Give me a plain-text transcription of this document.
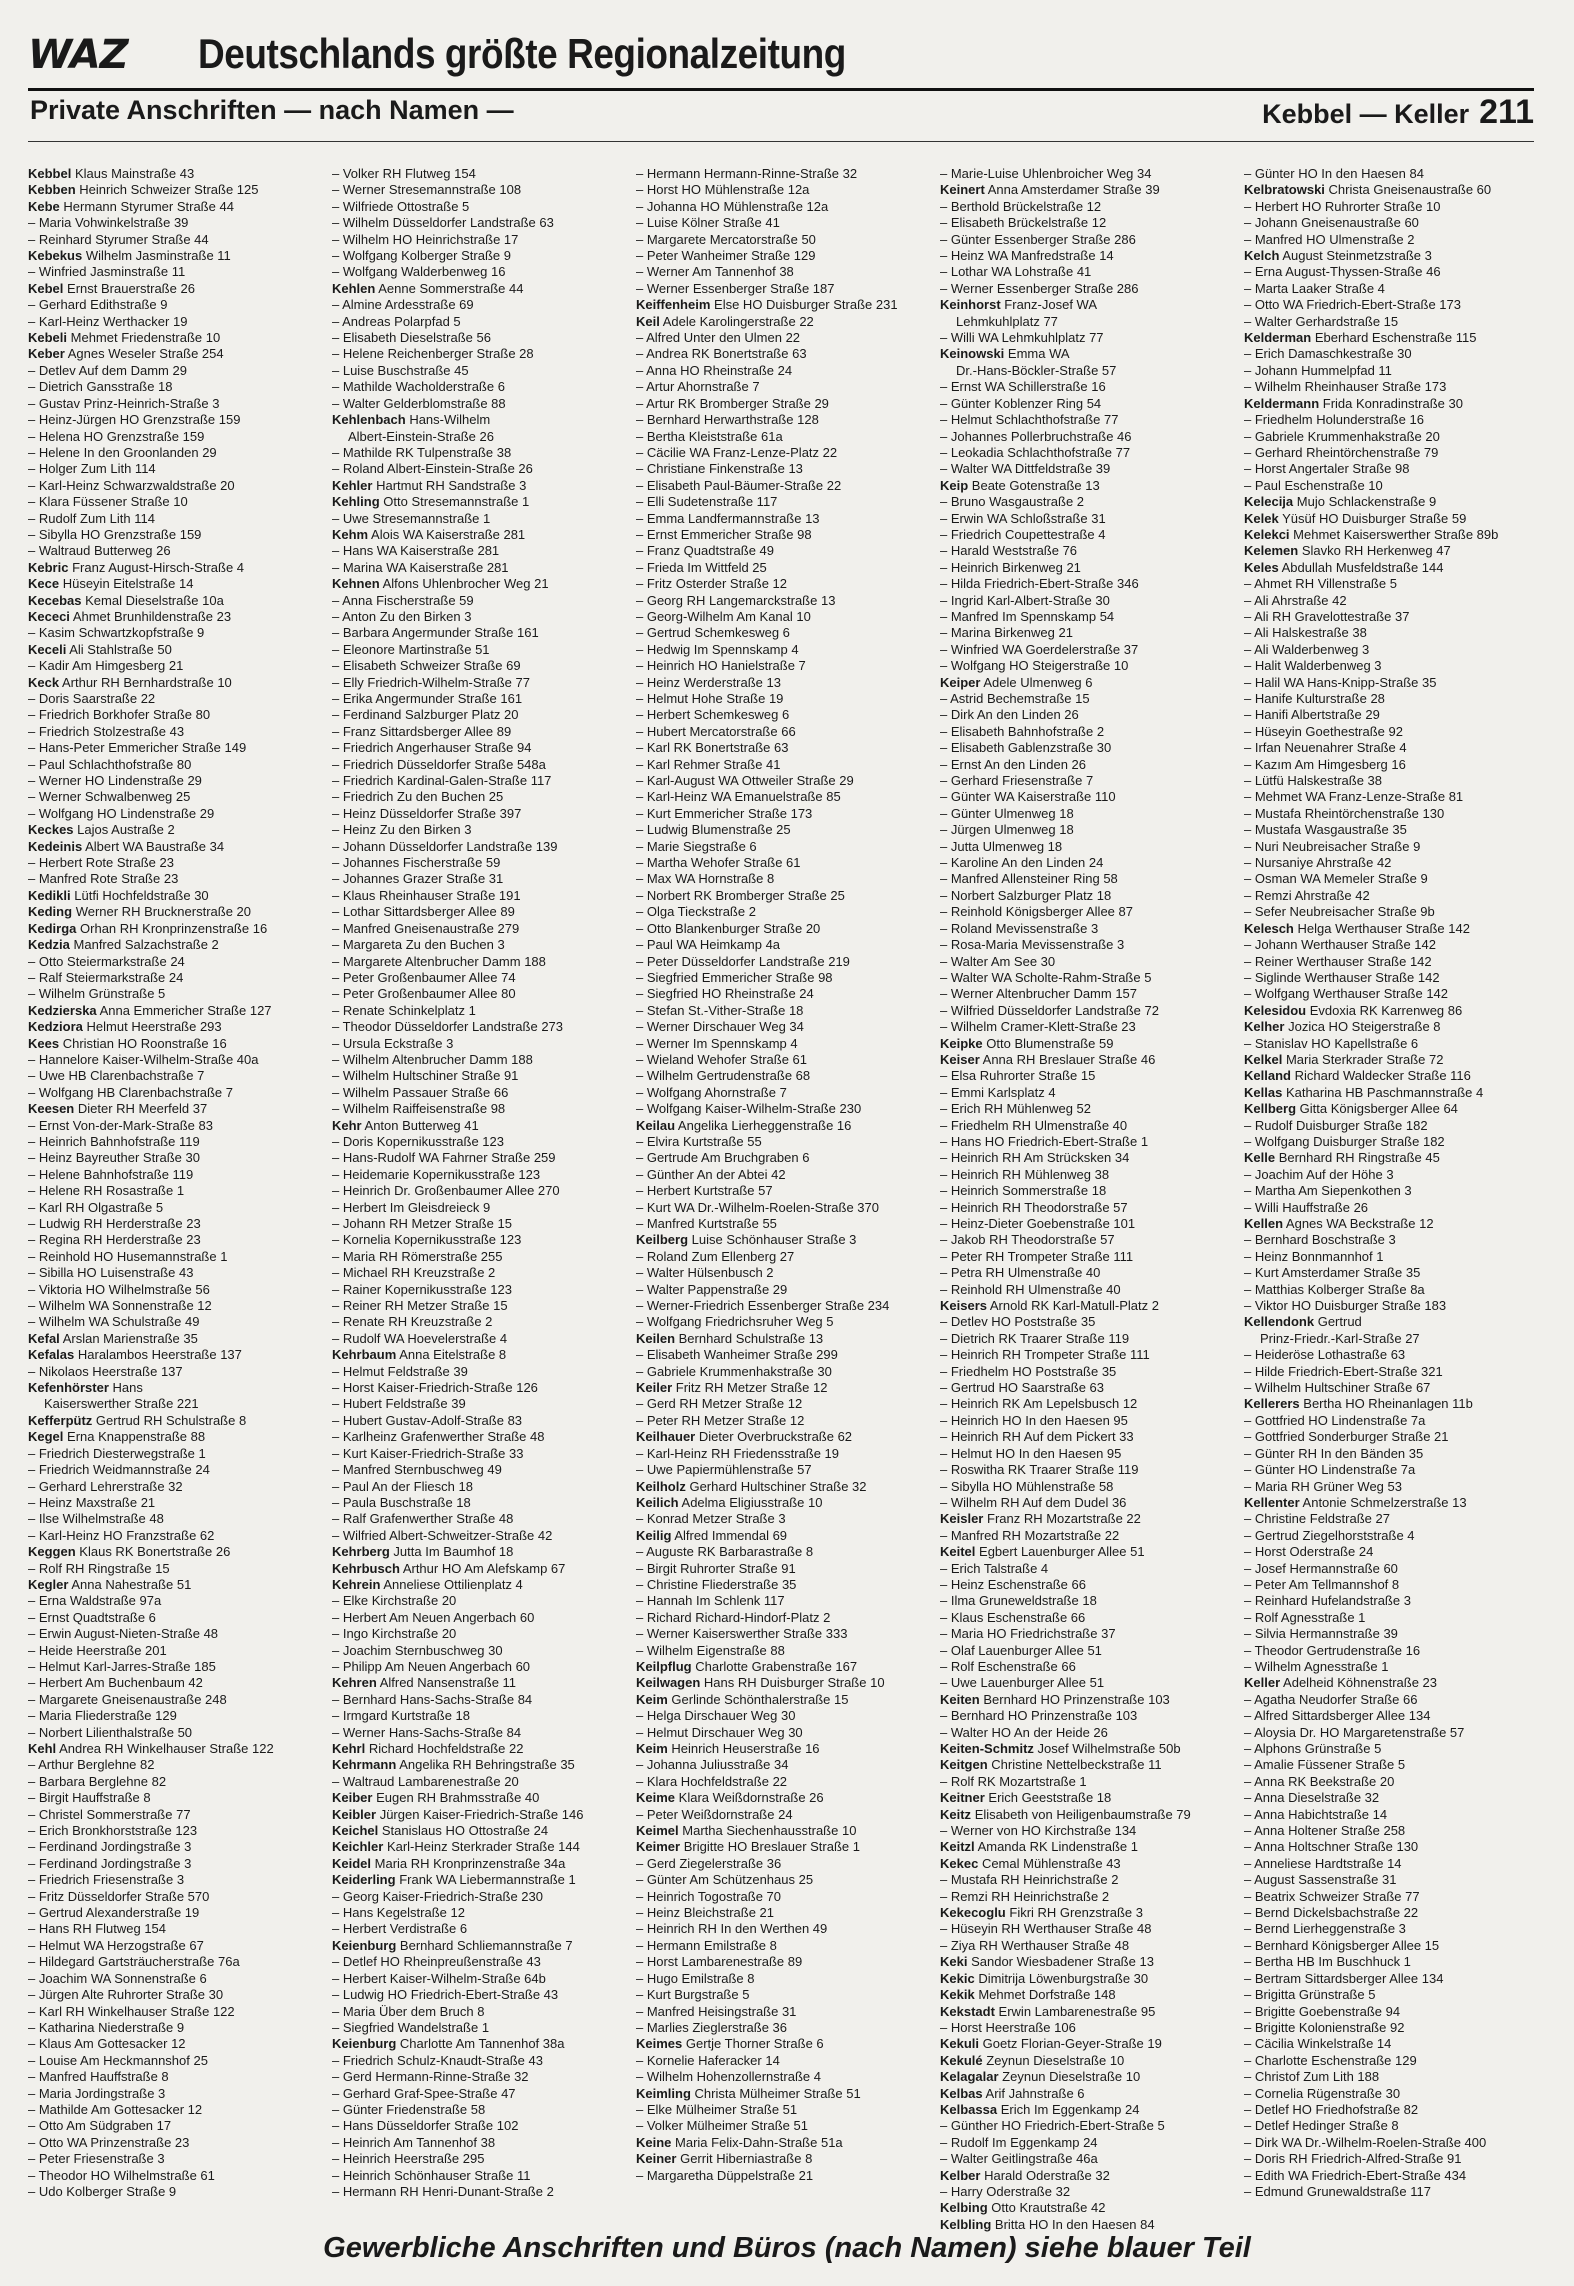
WAZ Deutschlands größte Regionalzeitung
Private Anschriften — nach Namen —	Kebbel — Keller 211
Kebbel Klaus Mainstraße 43
Kebben Heinrich Schweizer Straße 125
Kebe Hermann Styrumer Straße 44
– Maria Vohwinkelstraße 39
– Reinhard Styrumer Straße 44
Kebekus Wilhelm Jasminstraße 11
– Winfried Jasminstraße 11
Kebel Ernst Brauerstraße 26
– Gerhard Edithstraße 9
– Karl-Heinz Werthacker 19
Kebeli Mehmet Friedenstraße 10
Keber Agnes Weseler Straße 254
– Detlev Auf dem Damm 29
– Dietrich Gansstraße 18
– Gustav Prinz-Heinrich-Straße 3
– Heinz-Jürgen HO Grenzstraße 159
– Helena HO Grenzstraße 159
– Helene In den Groonlanden 29
– Holger Zum Lith 114
– Karl-Heinz Schwarzwaldstraße 20
– Klara Füssener Straße 10
– Rudolf Zum Lith 114
– Sibylla HO Grenzstraße 159
– Waltraud Butterweg 26
Kebric Franz August-Hirsch-Straße 4
Kece Hüseyin Eitelstraße 14
Kecebas Kemal Dieselstraße 10a
Kececi Ahmet Brunhildenstraße 23
– Kasim Schwartzkopfstraße 9
Keceli Ali Stahlstraße 50
– Kadir Am Himgesberg 21
Keck Arthur RH Bernhardstraße 10
– Doris Saarstraße 22
– Friedrich Borkhofer Straße 80
– Friedrich Stolzestraße 43
– Hans-Peter Emmericher Straße 149
– Paul Schlachthofstraße 80
– Werner HO Lindenstraße 29
– Werner Schwalbenweg 25
– Wolfgang HO Lindenstraße 29
Keckes Lajos Austraße 2
Kedeinis Albert WA Baustraße 34
– Herbert Rote Straße 23
– Manfred Rote Straße 23
Kedikli Lütfi Hochfeldstraße 30
Keding Werner RH Brucknerstraße 20
Kedirga Orhan RH Kronprinzenstraße 16
Kedzia Manfred Salzachstraße 2
– Otto Steiermarkstraße 24
– Ralf Steiermarkstraße 24
– Wilhelm Grünstraße 5
Kedzierska Anna Emmericher Straße 127
Kedziora Helmut Heerstraße 293
Kees Christian HO Roonstraße 16
– Hannelore Kaiser-Wilhelm-Straße 40a
– Uwe HB Clarenbachstraße 7
– Wolfgang HB Clarenbachstraße 7
Keesen Dieter RH Meerfeld 37
– Ernst Von-der-Mark-Straße 83
– Heinrich Bahnhofstraße 119
– Heinz Bayreuther Straße 30
– Helene Bahnhofstraße 119
– Helene RH Rosastraße 1
– Karl RH Olgastraße 5
– Ludwig RH Herderstraße 23
– Regina RH Herderstraße 23
– Reinhold HO Husemannstraße 1
– Sibilla HO Luisenstraße 43
– Viktoria HO Wilhelmstraße 56
– Wilhelm WA Sonnenstraße 12
– Wilhelm WA Schulstraße 49
Kefal Arslan Marienstraße 35
Kefalas Haralambos Heerstraße 137
– Nikolaos Heerstraße 137
Kefenhörster Hans
Kaiserswerther Straße 221
Kefferpütz Gertrud RH Schulstraße 8
Kegel Erna Knappenstraße 88
– Friedrich Diesterwegstraße 1
– Friedrich Weidmannstraße 24
– Gerhard Lehrerstraße 32
– Heinz Maxstraße 21
– Ilse Wilhelmstraße 48
– Karl-Heinz HO Franzstraße 62
Keggen Klaus RK Bonertstraße 26
– Rolf RH Ringstraße 15
Kegler Anna Nahestraße 51
– Erna Waldstraße 97a
– Ernst Quadtstraße 6
– Erwin August-Nieten-Straße 48
– Heide Heerstraße 201
– Helmut Karl-Jarres-Straße 185
– Herbert Am Buchenbaum 42
– Margarete Gneisenaustraße 248
– Maria Fliederstraße 129
– Norbert Lilienthalstraße 50
Kehl Andrea RH Winkelhauser Straße 122
– Arthur Berglehne 82
– Barbara Berglehne 82
– Birgit Hauffstraße 8
– Christel Sommerstraße 77
– Erich Bronkhorststraße 123
– Ferdinand Jordingstraße 3
– Ferdinand Jordingstraße 3
– Friedrich Friesenstraße 3
– Fritz Düsseldorfer Straße 570
– Gertrud Alexanderstraße 19
– Hans RH Flutweg 154
– Helmut WA Herzogstraße 67
– Hildegard Gartsträucherstraße 76a
– Joachim WA Sonnenstraße 6
– Jürgen Alte Ruhrorter Straße 30
– Karl RH Winkelhauser Straße 122
– Katharina Niederstraße 9
– Klaus Am Gottesacker 12
– Louise Am Heckmannshof 25
– Manfred Hauffstraße 8
– Maria Jordingstraße 3
– Mathilde Am Gottesacker 12
– Otto Am Südgraben 17
– Otto WA Prinzenstraße 23
– Peter Friesenstraße 3
– Theodor HO Wilhelmstraße 61
– Udo Kolberger Straße 9
– Volker RH Flutweg 154
– Werner Stresemannstraße 108
– Wilfriede Ottostraße 5
– Wilhelm Düsseldorfer Landstraße 63
– Wilhelm HO Heinrichstraße 17
– Wolfgang Kolberger Straße 9
– Wolfgang Walderbenweg 16
Kehlen Aenne Sommerstraße 44
– Almine Ardesstraße 69
– Andreas Polarpfad 5
– Elisabeth Dieselstraße 56
– Helene Reichenberger Straße 28
– Luise Buschstraße 45
– Mathilde Wacholderstraße 6
– Walter Gelderblomstraße 88
Kehlenbach Hans-Wilhelm
Albert-Einstein-Straße 26
– Mathilde RK Tulpenstraße 38
– Roland Albert-Einstein-Straße 26
Kehler Hartmut RH Sandstraße 3
Kehling Otto Stresemannstraße 1
– Uwe Stresemannstraße 1
Kehm Alois WA Kaiserstraße 281
– Hans WA Kaiserstraße 281
– Marina WA Kaiserstraße 281
Kehnen Alfons Uhlenbrocher Weg 21
– Anna Fischerstraße 59
– Anton Zu den Birken 3
– Barbara Angermunder Straße 161
– Eleonore Martinstraße 51
– Elisabeth Schweizer Straße 69
– Elly Friedrich-Wilhelm-Straße 77
– Erika Angermunder Straße 161
– Ferdinand Salzburger Platz 20
– Franz Sittardsberger Allee 89
– Friedrich Angerhauser Straße 94
– Friedrich Düsseldorfer Straße 548a
– Friedrich Kardinal-Galen-Straße 117
– Friedrich Zu den Buchen 25
– Heinz Düsseldorfer Straße 397
– Heinz Zu den Birken 3
– Johann Düsseldorfer Landstraße 139
– Johannes Fischerstraße 59
– Johannes Grazer Straße 31
– Klaus Rheinhauser Straße 191
– Lothar Sittardsberger Allee 89
– Manfred Gneisenaustraße 279
– Margareta Zu den Buchen 3
– Margarete Altenbrucher Damm 188
– Peter Großenbaumer Allee 74
– Peter Großenbaumer Allee 80
– Renate Schinkelplatz 1
– Theodor Düsseldorfer Landstraße 273
– Ursula Eckstraße 3
– Wilhelm Altenbrucher Damm 188
– Wilhelm Hultschiner Straße 91
– Wilhelm Passauer Straße 66
– Wilhelm Raiffeisenstraße 98
Kehr Anton Butterweg 41
– Doris Kopernikusstraße 123
– Hans-Rudolf WA Fahrner Straße 259
– Heidemarie Kopernikusstraße 123
– Heinrich Dr. Großenbaumer Allee 270
– Herbert Im Gleisdreieck 9
– Johann RH Metzer Straße 15
– Kornelia Kopernikusstraße 123
– Maria RH Römerstraße 255
– Michael RH Kreuzstraße 2
– Rainer Kopernikusstraße 123
– Reiner RH Metzer Straße 15
– Renate RH Kreuzstraße 2
– Rudolf WA Hoevelerstraße 4
Kehrbaum Anna Eitelstraße 8
– Helmut Feldstraße 39
– Horst Kaiser-Friedrich-Straße 126
– Hubert Feldstraße 39
– Hubert Gustav-Adolf-Straße 83
– Karlheinz Grafenwerther Straße 48
– Kurt Kaiser-Friedrich-Straße 33
– Manfred Sternbuschweg 49
– Paul An der Fliesch 18
– Paula Buschstraße 18
– Ralf Grafenwerther Straße 48
– Wilfried Albert-Schweitzer-Straße 42
Kehrberg Jutta Im Baumhof 18
Kehrbusch Arthur HO Am Alefskamp 67
Kehrein Anneliese Ottilienplatz 4
– Elke Kirchstraße 20
– Herbert Am Neuen Angerbach 60
– Ingo Kirchstraße 20
– Joachim Sternbuschweg 30
– Philipp Am Neuen Angerbach 60
Kehren Alfred Nansenstraße 11
– Bernhard Hans-Sachs-Straße 84
– Irmgard Kurtstraße 18
– Werner Hans-Sachs-Straße 84
Kehrl Richard Hochfeldstraße 22
Kehrmann Angelika RH Behringstraße 35
– Waltraud Lambarenestraße 20
Keiber Eugen RH Brahmsstraße 40
Keibler Jürgen Kaiser-Friedrich-Straße 146
Keichel Stanislaus HO Ottostraße 24
Keichler Karl-Heinz Sterkrader Straße 144
Keidel Maria RH Kronprinzenstraße 34a
Keiderling Frank WA Liebermannstraße 1
– Georg Kaiser-Friedrich-Straße 230
– Hans Kegelstraße 12
– Herbert Verdistraße 6
Keienburg Bernhard Schliemannstraße 7
– Detlef HO Rheinpreußenstraße 43
– Herbert Kaiser-Wilhelm-Straße 64b
– Ludwig HO Friedrich-Ebert-Straße 43
– Maria Über dem Bruch 8
– Siegfried Wandelstraße 1
Keienburg Charlotte Am Tannenhof 38a
– Friedrich Schulz-Knaudt-Straße 43
– Gerd Hermann-Rinne-Straße 32
– Gerhard Graf-Spee-Straße 47
– Günter Friedenstraße 58
– Hans Düsseldorfer Straße 102
– Heinrich Am Tannenhof 38
– Heinrich Heerstraße 295
– Heinrich Schönhauser Straße 11
– Hermann RH Henri-Dunant-Straße 2
– Hermann Hermann-Rinne-Straße 32
– Horst HO Mühlenstraße 12a
– Johanna HO Mühlenstraße 12a
– Luise Kölner Straße 41
– Margarete Mercatorstraße 50
– Peter Wanheimer Straße 129
– Werner Am Tannenhof 38
– Werner Essenberger Straße 187
Keiffenheim Else HO Duisburger Straße 231
Keil Adele Karolingerstraße 22
– Alfred Unter den Ulmen 22
– Andrea RK Bonertstraße 63
– Anna HO Rheinstraße 24
– Artur Ahornstraße 7
– Artur RK Bromberger Straße 29
– Bernhard Herwarthstraße 128
– Bertha Kleiststraße 61a
– Cäcilie WA Franz-Lenze-Platz 22
– Christiane Finkenstraße 13
– Elisabeth Paul-Bäumer-Straße 22
– Elli Sudetenstraße 117
– Emma Landfermannstraße 13
– Ernst Emmericher Straße 98
– Franz Quadtstraße 49
– Frieda Im Wittfeld 25
– Fritz Osterder Straße 12
– Georg RH Langemarckstraße 13
– Georg-Wilhelm Am Kanal 10
– Gertrud Schemkesweg 6
– Hedwig Im Spennskamp 4
– Heinrich HO Hanielstraße 7
– Heinz Werderstraße 13
– Helmut Hohe Straße 19
– Herbert Schemkesweg 6
– Hubert Mercatorstraße 66
– Karl RK Bonertstraße 63
– Karl Rehmer Straße 41
– Karl-August WA Ottweiler Straße 29
– Karl-Heinz WA Emanuelstraße 85
– Kurt Emmericher Straße 173
– Ludwig Blumenstraße 25
– Marie Siegstraße 6
– Martha Wehofer Straße 61
– Max WA Hornstraße 8
– Norbert RK Bromberger Straße 25
– Olga Tieckstraße 2
– Otto Blankenburger Straße 20
– Paul WA Heimkamp 4a
– Peter Düsseldorfer Landstraße 219
– Siegfried Emmericher Straße 98
– Siegfried HO Rheinstraße 24
– Stefan St.-Vither-Straße 18
– Werner Dirschauer Weg 34
– Werner Im Spennskamp 4
– Wieland Wehofer Straße 61
– Wilhelm Gertrudenstraße 68
– Wolfgang Ahornstraße 7
– Wolfgang Kaiser-Wilhelm-Straße 230
Keilau Angelika Lierheggenstraße 16
– Elvira Kurtstraße 55
– Gertrude Am Bruchgraben 6
– Günther An der Abtei 42
– Herbert Kurtstraße 57
– Kurt WA Dr.-Wilhelm-Roelen-Straße 370
– Manfred Kurtstraße 55
Keilberg Luise Schönhauser Straße 3
– Roland Zum Ellenberg 27
– Walter Hülsenbusch 2
– Walter Pappenstraße 29
– Werner-Friedrich Essenberger Straße 234
– Wolfgang Friedrichsruher Weg 5
Keilen Bernhard Schulstraße 13
– Elisabeth Wanheimer Straße 299
– Gabriele Krummenhakstraße 30
Keiler Fritz RH Metzer Straße 12
– Gerd RH Metzer Straße 12
– Peter RH Metzer Straße 12
Keilhauer Dieter Overbruckstraße 62
– Karl-Heinz RH Friedensstraße 19
– Uwe Papiermühlenstraße 57
Keilholz Gerhard Hultschiner Straße 32
Keilich Adelma Eligiusstraße 10
– Konrad Metzer Straße 3
Keilig Alfred Immendal 69
– Auguste RK Barbarastraße 8
– Birgit Ruhrorter Straße 91
– Christine Fliederstraße 35
– Hannah Im Schlenk 117
– Richard Richard-Hindorf-Platz 2
– Werner Kaiserswerther Straße 333
– Wilhelm Eigenstraße 88
Keilpflug Charlotte Grabenstraße 167
Keilwagen Hans RH Duisburger Straße 10
Keim Gerlinde Schönthalerstraße 15
– Helga Dirschauer Weg 30
– Helmut Dirschauer Weg 30
Keim Heinrich Heuserstraße 16
– Johanna Juliusstraße 34
– Klara Hochfeldstraße 22
Keime Klara Weißdornstraße 26
– Peter Weißdornstraße 24
Keimel Martha Siechenhausstraße 10
Keimer Brigitte HO Breslauer Straße 1
– Gerd Ziegelerstraße 36
– Günter Am Schützenhaus 25
– Heinrich Togostraße 70
– Heinz Bleichstraße 21
– Heinrich RH In den Werthen 49
– Hermann Emilstraße 8
– Horst Lambarenestraße 89
– Hugo Emilstraße 8
– Kurt Burgstraße 5
– Manfred Heisingstraße 31
– Marlies Zieglerstraße 36
Keimes Gertje Thorner Straße 6
– Kornelie Haferacker 14
– Wilhelm Hohenzollernstraße 4
Keimling Christa Mülheimer Straße 51
– Elke Mülheimer Straße 51
– Volker Mülheimer Straße 51
Keine Maria Felix-Dahn-Straße 51a
Keiner Gerrit Hiberniastraße 8
– Margaretha Düppelstraße 21
– Marie-Luise Uhlenbroicher Weg 34
Keinert Anna Amsterdamer Straße 39
– Berthold Brückelstraße 12
– Elisabeth Brückelstraße 12
– Günter Essenberger Straße 286
– Heinz WA Manfredstraße 14
– Lothar WA Lohstraße 41
– Werner Essenberger Straße 286
Keinhorst Franz-Josef WA
Lehmkuhlplatz 77
– Willi WA Lehmkuhlplatz 77
Keinowski Emma WA
Dr.-Hans-Böckler-Straße 57
– Ernst WA Schillerstraße 16
– Günter Koblenzer Ring 54
– Helmut Schlachthofstraße 77
– Johannes Pollerbruchstraße 46
– Leokadia Schlachthofstraße 77
– Walter WA Dittfeldstraße 39
Keip Beate Gotenstraße 13
– Bruno Wasgaustraße 2
– Erwin WA Schloßstraße 31
– Friedrich Coupettestraße 4
– Harald Weststraße 76
– Heinrich Birkenweg 21
– Hilda Friedrich-Ebert-Straße 346
– Ingrid Karl-Albert-Straße 30
– Manfred Im Spennskamp 54
– Marina Birkenweg 21
– Winfried WA Goerdelerstraße 37
– Wolfgang HO Steigerstraße 10
Keiper Adele Ulmenweg 6
– Astrid Bechemstraße 15
– Dirk An den Linden 26
– Elisabeth Bahnhofstraße 2
– Elisabeth Gablenzstraße 30
– Ernst An den Linden 26
– Gerhard Friesenstraße 7
– Günter WA Kaiserstraße 110
– Günter Ulmenweg 18
– Jürgen Ulmenweg 18
– Jutta Ulmenweg 18
– Karoline An den Linden 24
– Manfred Allensteiner Ring 58
– Norbert Salzburger Platz 18
– Reinhold Königsberger Allee 87
– Roland Mevissenstraße 3
– Rosa-Maria Mevissenstraße 3
– Walter Am See 30
– Walter WA Scholte-Rahm-Straße 5
– Werner Altenbrucher Damm 157
– Wilfried Düsseldorfer Landstraße 72
– Wilhelm Cramer-Klett-Straße 23
Keipke Otto Blumenstraße 59
Keiser Anna RH Breslauer Straße 46
– Elsa Ruhrorter Straße 15
– Emmi Karlsplatz 4
– Erich RH Mühlenweg 52
– Friedhelm RH Ulmenstraße 40
– Hans HO Friedrich-Ebert-Straße 1
– Heinrich RH Am Strücksken 34
– Heinrich RH Mühlenweg 38
– Heinrich Sommerstraße 18
– Heinrich RH Theodorstraße 57
– Heinz-Dieter Goebenstraße 101
– Jakob RH Theodorstraße 57
– Peter RH Trompeter Straße 111
– Petra RH Ulmenstraße 40
– Reinhold RH Ulmenstraße 40
Keisers Arnold RK Karl-Matull-Platz 2
– Detlev HO Poststraße 35
– Dietrich RK Traarer Straße 119
– Heinrich RH Trompeter Straße 111
– Friedhelm HO Poststraße 35
– Gertrud HO Saarstraße 63
– Heinrich RK Am Lepelsbusch 12
– Heinrich HO In den Haesen 95
– Heinrich RH Auf dem Pickert 33
– Helmut HO In den Haesen 95
– Roswitha RK Traarer Straße 119
– Sibylla HO Mühlenstraße 58
– Wilhelm RH Auf dem Dudel 36
Keisler Franz RH Mozartstraße 22
– Manfred RH Mozartstraße 22
Keitel Egbert Lauenburger Allee 51
– Erich Talstraße 4
– Heinz Eschenstraße 66
– Ilma Gruneweldstraße 18
– Klaus Eschenstraße 66
– Maria HO Friedrichstraße 37
– Olaf Lauenburger Allee 51
– Rolf Eschenstraße 66
– Uwe Lauenburger Allee 51
Keiten Bernhard HO Prinzenstraße 103
– Bernhard HO Prinzenstraße 103
– Walter HO An der Heide 26
Keiten-Schmitz Josef Wilhelmstraße 50b
Keitgen Christine Nettelbeckstraße 11
– Rolf RK Mozartstraße 1
Keitner Erich Geeststraße 18
Keitz Elisabeth von Heiligenbaumstraße 79
– Werner von HO Kirchstraße 134
Keitzl Amanda RK Lindenstraße 1
Kekec Cemal Mühlenstraße 43
– Mustafa RH Heinrichstraße 2
– Remzi RH Heinrichstraße 2
Kekecoglu Fikri RH Grenzstraße 3
– Hüseyin RH Werthauser Straße 48
– Ziya RH Werthauser Straße 48
Keki Sandor Wiesbadener Straße 13
Kekic Dimitrija Löwenburgstraße 30
Kekik Mehmet Dorfstraße 148
Kekstadt Erwin Lambarenestraße 95
– Horst Heerstraße 106
Kekuli Goetz Florian-Geyer-Straße 19
Kekulé Zeynun Dieselstraße 10
Kelagalar Zeynun Dieselstraße 10
Kelbas Arif Jahnstraße 6
Kelbassa Erich Im Eggenkamp 24
– Günther HO Friedrich-Ebert-Straße 5
– Rudolf Im Eggenkamp 24
– Walter Geitlingstraße 46a
Kelber Harald Oderstraße 32
– Harry Oderstraße 32
Kelbing Otto Krautstraße 42
Kelbling Britta HO In den Haesen 84
– Günter HO In den Haesen 84
Kelbratowski Christa Gneisenaustraße 60
– Herbert HO Ruhrorter Straße 10
– Johann Gneisenaustraße 60
– Manfred HO Ulmenstraße 2
Kelch August Steinmetzstraße 3
– Erna August-Thyssen-Straße 46
– Marta Laaker Straße 4
– Otto WA Friedrich-Ebert-Straße 173
– Walter Gerhardstraße 15
Kelderman Eberhard Eschenstraße 115
– Erich Damaschkestraße 30
– Johann Hummelpfad 11
– Wilhelm Rheinhauser Straße 173
Keldermann Frida Konradinstraße 30
– Friedhelm Holunderstraße 16
– Gabriele Krummenhakstraße 20
– Gerhard Rheintörchenstraße 79
– Horst Angertaler Straße 98
– Paul Eschenstraße 10
Kelecija Mujo Schlackenstraße 9
Kelek Yüsüf HO Duisburger Straße 59
Kelekci Mehmet Kaiserswerther Straße 89b
Kelemen Slavko RH Herkenweg 47
Keles Abdullah Musfeldstraße 144
– Ahmet RH Villenstraße 5
– Ali Ahrstraße 42
– Ali RH Gravelottestraße 37
– Ali Halskestraße 38
– Ali Walderbenweg 3
– Halit Walderbenweg 3
– Halil WA Hans-Knipp-Straße 35
– Hanife Kulturstraße 28
– Hanifi Albertstraße 29
– Hüseyin Goethestraße 92
– Irfan Neuenahrer Straße 4
– Kazım Am Himgesberg 16
– Lütfü Halskestraße 38
– Mehmet WA Franz-Lenze-Straße 81
– Mustafa Rheintörchenstraße 130
– Mustafa Wasgaustraße 35
– Nuri Neubreisacher Straße 9
– Nursaniye Ahrstraße 42
– Osman WA Memeler Straße 9
– Remzi Ahrstraße 42
– Sefer Neubreisacher Straße 9b
Kelesch Helga Werthauser Straße 142
– Johann Werthauser Straße 142
– Reiner Werthauser Straße 142
– Siglinde Werthauser Straße 142
– Wolfgang Werthauser Straße 142
Kelesidou Evdoxia RK Karrenweg 86
Kelher Jozica HO Steigerstraße 8
– Stanislav HO Kapellstraße 6
Kelkel Maria Sterkrader Straße 72
Kelland Richard Waldecker Straße 116
Kellas Katharina HB Paschmannstraße 4
Kellberg Gitta Königsberger Allee 64
– Rudolf Duisburger Straße 182
– Wolfgang Duisburger Straße 182
Kelle Bernhard RH Ringstraße 45
– Joachim Auf der Höhe 3
– Martha Am Siepenkothen 3
– Willi Hauffstraße 26
Kellen Agnes WA Beckstraße 12
– Bernhard Boschstraße 3
– Heinz Bonnmannhof 1
– Kurt Amsterdamer Straße 35
– Matthias Kolberger Straße 8a
– Viktor HO Duisburger Straße 183
Kellendonk Gertrud
Prinz-Friedr.-Karl-Straße 27
– Heideröse Lothastraße 63
– Hilde Friedrich-Ebert-Straße 321
– Wilhelm Hultschiner Straße 67
Kellerers Bertha HO Rheinanlagen 11b
– Gottfried HO Lindenstraße 7a
– Gottfried Sonderburger Straße 21
– Günter RH In den Bänden 35
– Günter HO Lindenstraße 7a
– Maria RH Grüner Weg 53
Kellenter Antonie Schmelzerstraße 13
– Christine Feldstraße 27
– Gertrud Ziegelhorststraße 4
– Horst Oderstraße 24
– Josef Hermannstraße 60
– Peter Am Tellmannshof 8
– Reinhard Hufelandstraße 3
– Rolf Agnesstraße 1
– Silvia Hermannstraße 39
– Theodor Gertrudenstraße 16
– Wilhelm Agnesstraße 1
Keller Adelheid Köhnenstraße 23
– Agatha Neudorfer Straße 66
– Alfred Sittardsberger Allee 134
– Aloysia Dr. HO Margaretenstraße 57
– Alphons Grünstraße 5
– Amalie Füssener Straße 5
– Anna RK Beekstraße 20
– Anna Dieselstraße 32
– Anna Habichtstraße 14
– Anna Holtener Straße 258
– Anna Holtschner Straße 130
– Anneliese Hardtstraße 14
– August Sassenstraße 31
– Beatrix Schweizer Straße 77
– Bernd Dickelsbachstraße 22
– Bernd Lierheggenstraße 3
– Bernhard Königsberger Allee 15
– Bertha HB Im Buschhuck 1
– Bertram Sittardsberger Allee 134
– Brigitta Grünstraße 5
– Brigitte Goebenstraße 94
– Brigitte Kolonienstraße 92
– Cäcilia Winkelstraße 14
– Charlotte Eschenstraße 129
– Christof Zum Lith 188
– Cornelia Rügenstraße 30
– Detlef HO Friedhofstraße 82
– Detlef Hedinger Straße 8
– Dirk WA Dr.-Wilhelm-Roelen-Straße 400
– Doris RH Friedrich-Alfred-Straße 91
– Edith WA Friedrich-Ebert-Straße 434
– Edmund Grunewaldstraße 117
Gewerbliche Anschriften und Büros (nach Namen) siehe blauer Teil
